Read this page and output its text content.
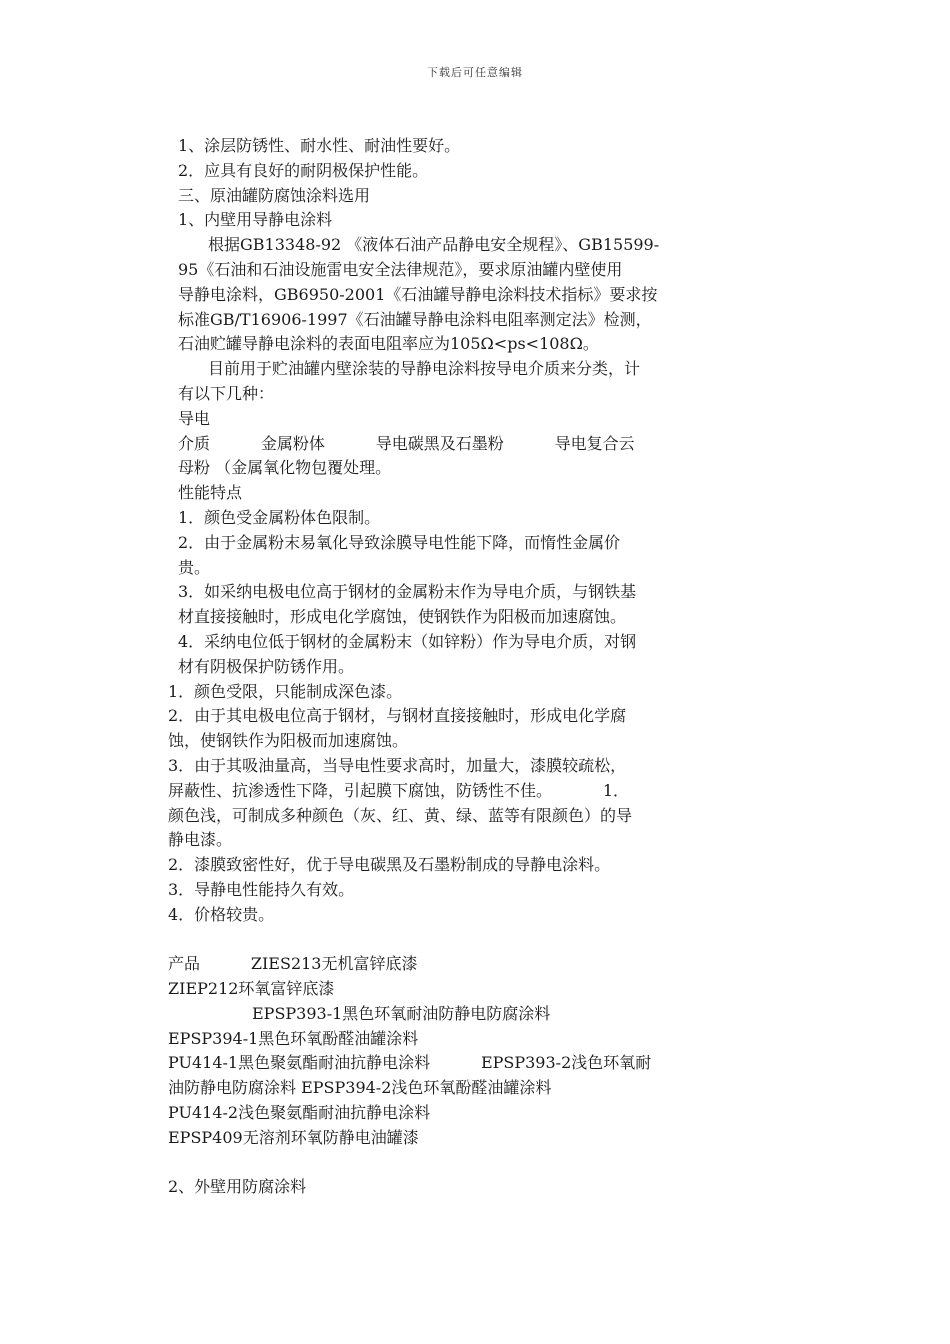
下载后可任意编辑
1、涂层防锈性、耐水性、耐油性要好。
2．应具有良好的耐阴极保护性能。
三、原油罐防腐蚀涂料选用
1、内壁用导静电涂料
根据GB13348-92 《液体石油产品静电安全规程》、GB15599-
95《石油和石油设施雷电安全法律规范》，要求原油罐内壁使用
导静电涂料，GB6950-2001《石油罐导静电涂料技术指标》要求按
标准GB/T16906-1997《石油罐导静电涂料电阻率测定法》检测，
石油贮罐导静电涂料的表面电阻率应为105Ω<ps<108Ω。
目前用于贮油罐内壁涂装的导静电涂料按导电介质来分类，计
有以下几种：
导电
介质          金属粉体          导电碳黑及石墨粉          导电复合云
母粉 （金属氧化物包覆处理。
性能特点
1．颜色受金属粉体色限制。
2．由于金属粉末易氧化导致涂膜导电性能下降，而惰性金属价
贵。
3．如采纳电极电位高于钢材的金属粉末作为导电介质，与钢铁基
材直接接触时，形成电化学腐蚀，使钢铁作为阳极而加速腐蚀。
4．采纳电位低于钢材的金属粉末（如锌粉）作为导电介质，对钢
材有阴极保护防锈作用。
1．颜色受限，只能制成深色漆。
2．由于其电极电位高于钢材，与钢材直接接触时，形成电化学腐
蚀，使钢铁作为阳极而加速腐蚀。
3．由于其吸油量高，当导电性要求高时，加量大，漆膜较疏松，
屏蔽性、抗渗透性下降，引起膜下腐蚀，防锈性不佳。          1．
颜色浅，可制成多种颜色（灰、红、黄、绿、蓝等有限颜色）的导
静电漆。
2．漆膜致密性好，优于导电碳黑及石墨粉制成的导静电涂料。
3．导静电性能持久有效。
4．价格较贵。
产品          ZIES213无机富锌底漆
ZIEP212环氧富锌底漆
EPSP393-1黑色环氧耐油防静电防腐涂料
EPSP394-1黑色环氧酚醛油罐涂料
PU414-1黑色聚氨酯耐油抗静电涂料          EPSP393-2浅色环氧耐
油防静电防腐涂料 EPSP394-2浅色环氧酚醛油罐涂料
PU414-2浅色聚氨酯耐油抗静电涂料
EPSP409无溶剂环氧防静电油罐漆
2、外壁用防腐涂料
